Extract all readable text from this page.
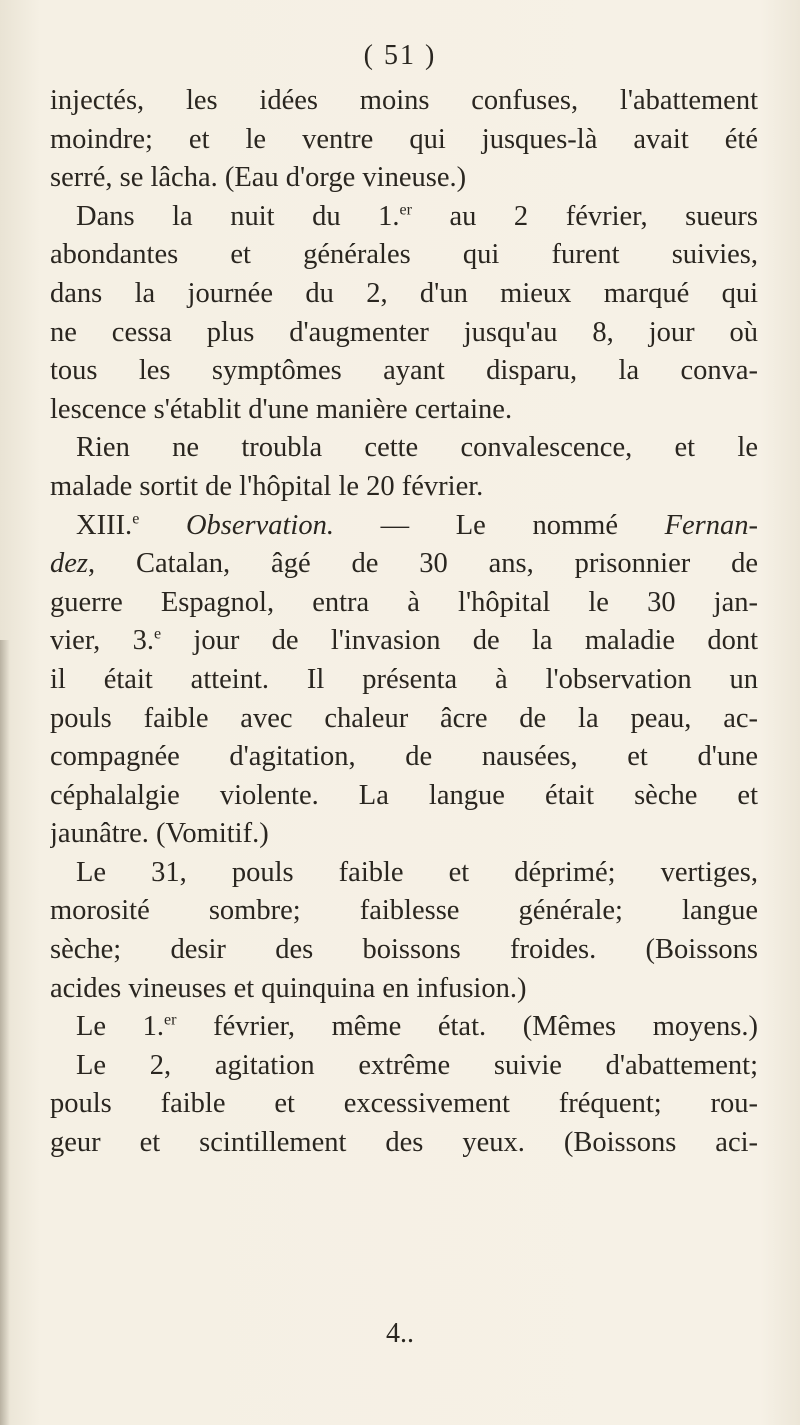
( 51 )
injectés, les idées moins confuses, l'abattement
moindre; et le ventre qui jusques-là avait été
serré, se lâcha. (Eau d'orge vineuse.)
Dans la nuit du 1.$^{er}$ au 2 février, sueurs
abondantes et générales qui furent suivies,
dans la journée du 2, d'un mieux marqué qui
ne cessa plus d'augmenter jusqu'au 8, jour où
tous les symptômes ayant disparu, la conva-
lescence s'établit d'une manière certaine.
Rien ne troubla cette convalescence, et le
malade sortit de l'hôpital le 20 février.
XIII.$^e$ Observation. — Le nommé Fernan-
dez, Catalan, âgé de 30 ans, prisonnier de
guerre Espagnol, entra à l'hôpital le 30 jan-
vier, 3.$^e$ jour de l'invasion de la maladie dont
il était atteint. Il présenta à l'observation un
pouls faible avec chaleur âcre de la peau, ac-
compagnée d'agitation, de nausées, et d'une
céphalalgie violente. La langue était sèche et
jaunâtre. (Vomitif.)
Le 31, pouls faible et déprimé; vertiges,
morosité sombre; faiblesse générale; langue
sèche; desir des boissons froides. (Boissons
acides vineuses et quinquina en infusion.)
Le 1.$^{er}$ février, même état. (Mêmes moyens.)
Le 2, agitation extrême suivie d'abattement;
pouls faible et excessivement fréquent; rou-
geur et scintillement des yeux. (Boissons aci-
4..
